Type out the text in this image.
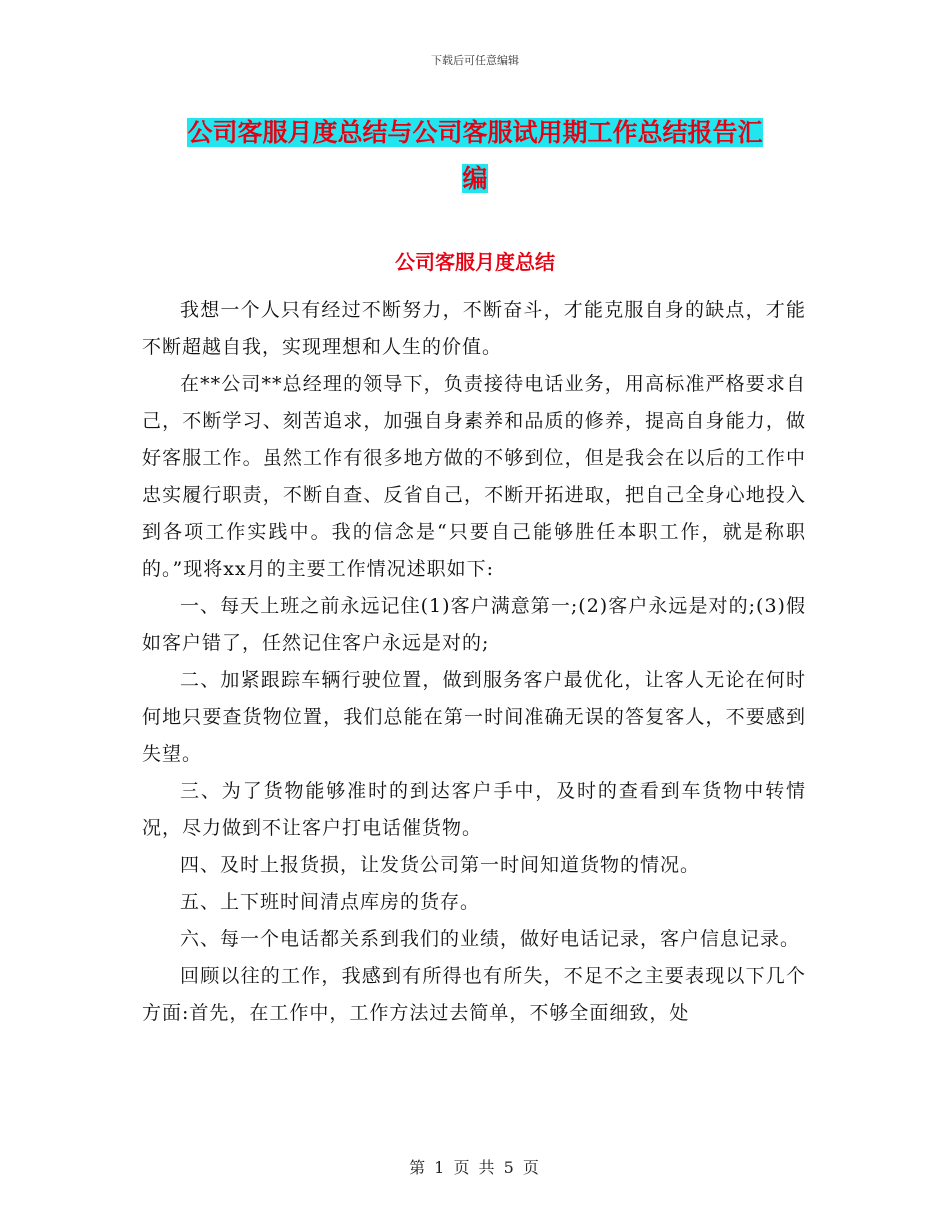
下载后可任意编辑
公司客服月度总结与公司客服试用期工作总结报告汇
编
公司客服月度总结

我想一个人只有经过不断努力，不断奋斗，才能克服自身的缺点，才能不断超越自我，实现理想和人生的价值。

在**公司**总经理的领导下，负责接待电话业务，用高标准严格要求自己，不断学习、刻苦追求，加强自身素养和品质的修养，提高自身能力，做好客服工作。虽然工作有很多地方做的不够到位，但是我会在以后的工作中忠实履行职责，不断自查、反省自己，不断开拓进取，把自己全身心地投入到各项工作实践中。我的信念是“只要自己能够胜任本职工作，就是称职的。”现将xx月的主要工作情况述职如下:

一、每天上班之前永远记住(1)客户满意第一;(2)客户永远是对的;(3)假如客户错了，任然记住客户永远是对的;

二、加紧跟踪车辆行驶位置，做到服务客户最优化，让客人无论在何时何地只要查货物位置，我们总能在第一时间准确无误的答复客人，不要感到失望。

三、为了货物能够准时的到达客户手中，及时的查看到车货物中转情况，尽力做到不让客户打电话催货物。

四、及时上报货损，让发货公司第一时间知道货物的情况。

五、上下班时间清点库房的货存。

六、每一个电话都关系到我们的业绩，做好电话记录，客户信息记录。

回顾以往的工作，我感到有所得也有所失，不足不之主要表现以下几个方面:首先，在工作中，工作方法过去简单，不够全面细致，处

第 1 页 共 5 页
